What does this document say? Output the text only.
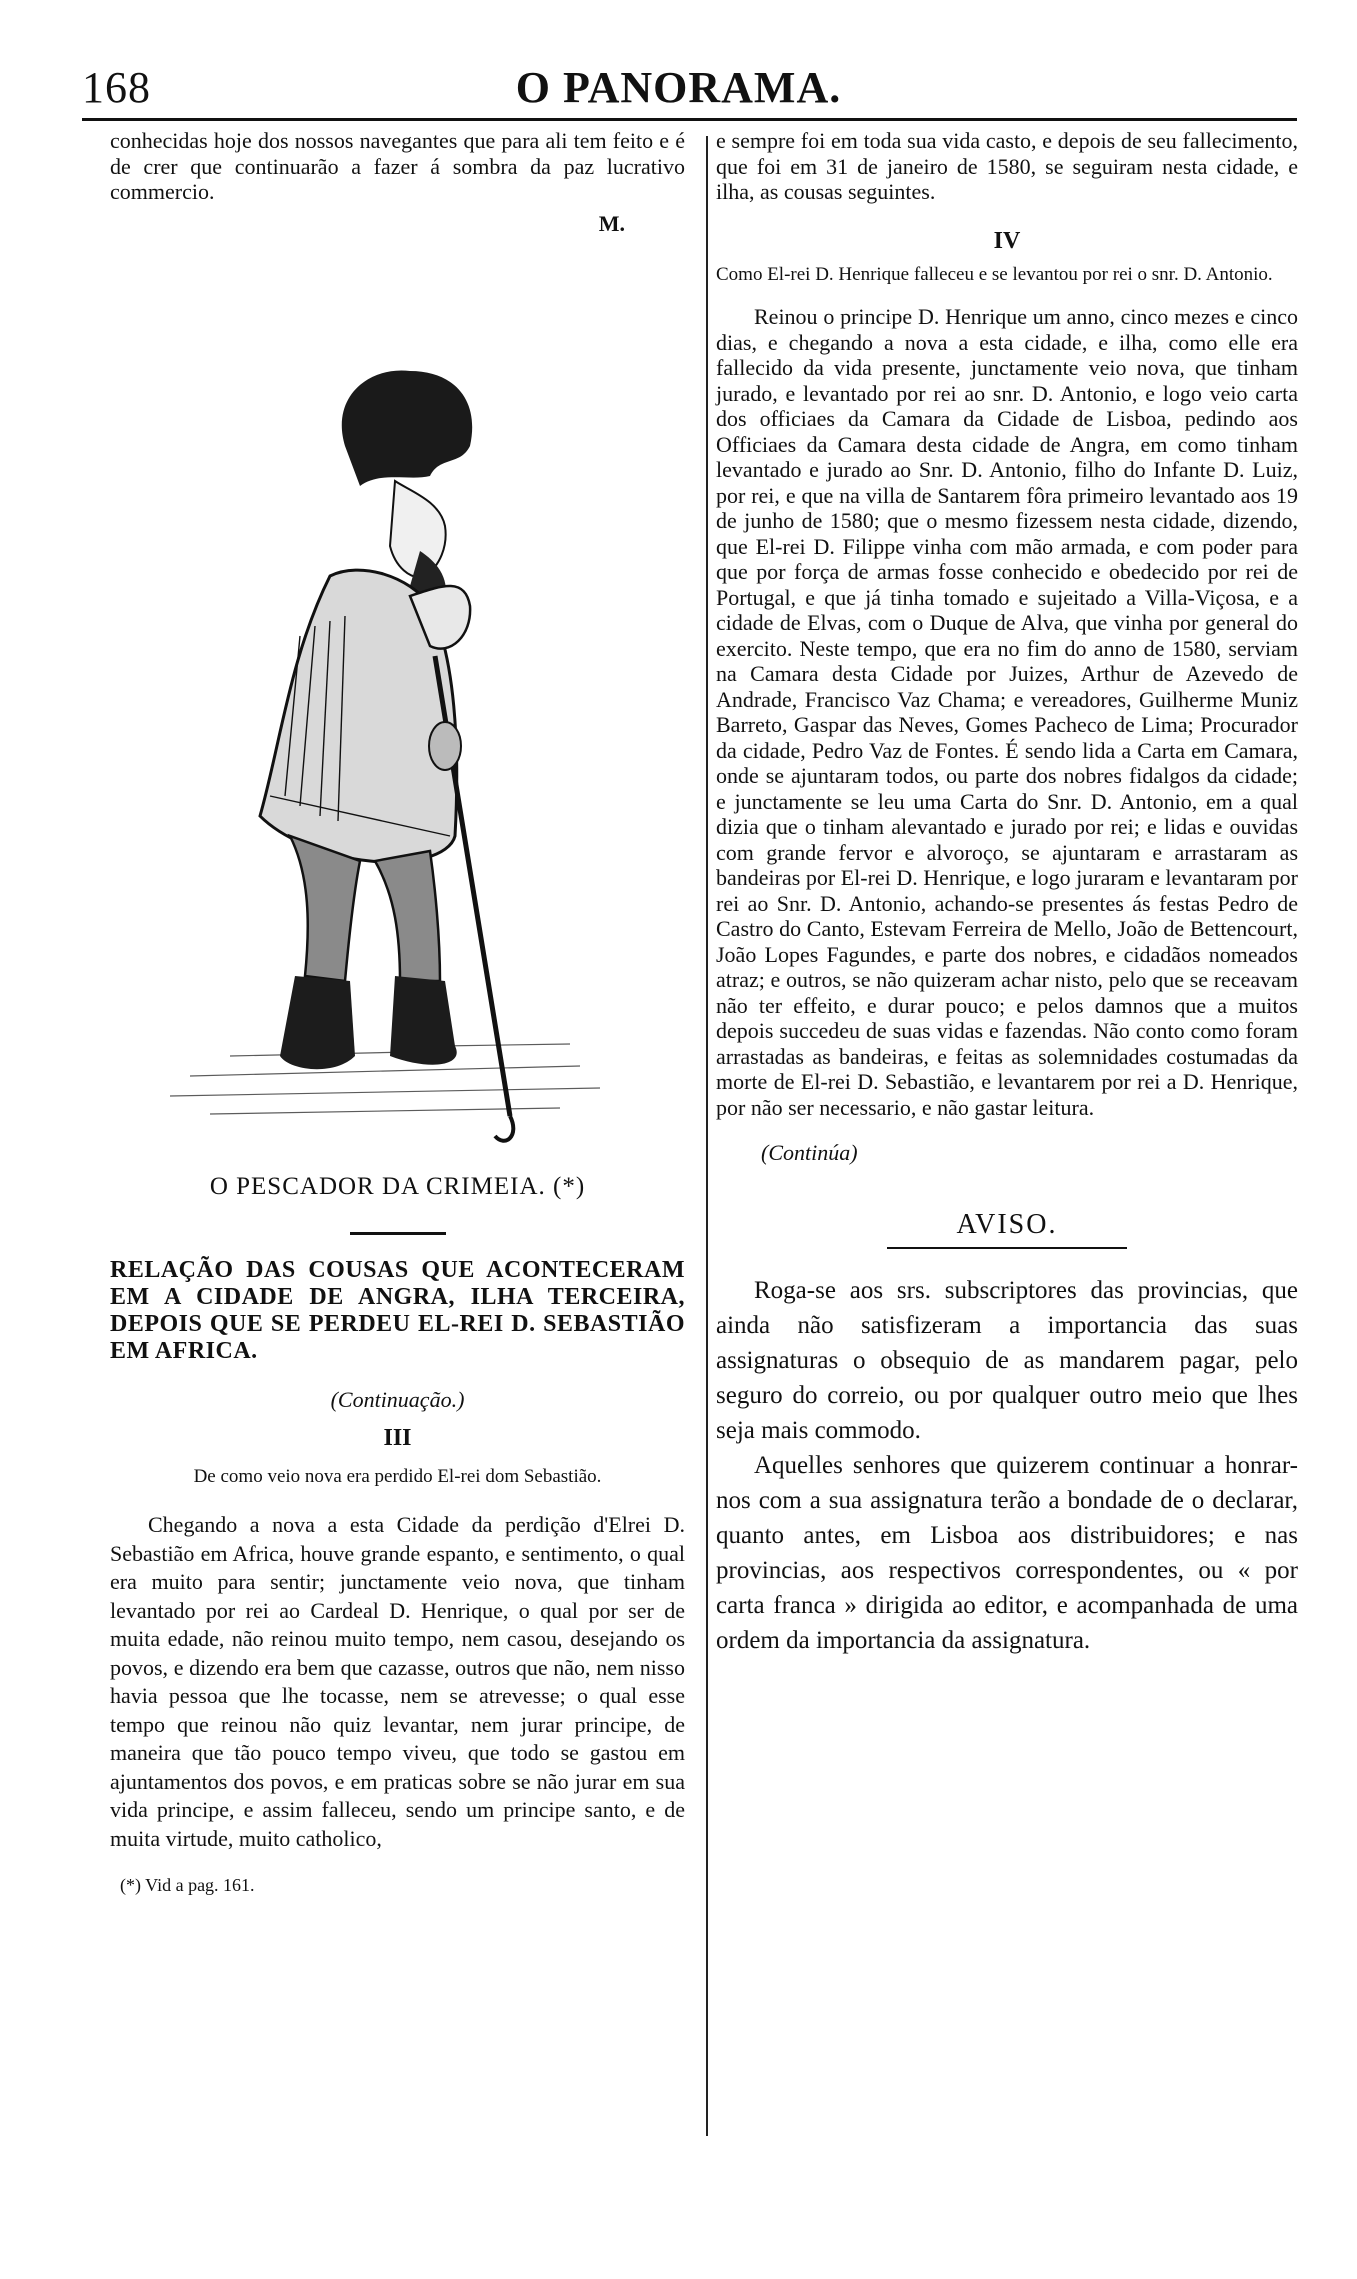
168	O PANORAMA.

conhecidas hoje dos nossos navegantes que para ali tem feito e é de crer que continuarão a fazer á sombra da paz lucrativo commercio.

M.
O PESCADOR DA CRIMEIA. (*)
RELAÇÃO DAS COUSAS QUE ACONTECERAM EM A CIDADE DE ANGRA, ILHA TERCEIRA, DEPOIS QUE SE PERDEU EL-REI D. SEBASTIÃO EM AFRICA.
(Continuação.)
III
De como veio nova era perdido El-rei dom Sebastião.

Chegando a nova a esta Cidade da perdição d'Elrei D. Sebastião em Africa, houve grande espanto, e sentimento, o qual era muito para sentir; junctamente veio nova, que tinham levantado por rei ao Cardeal D. Henrique, o qual por ser de muita edade, não reinou muito tempo, nem casou, desejando os povos, e dizendo era bem que cazasse, outros que não, nem nisso havia pessoa que lhe tocasse, nem se atrevesse; o qual esse tempo que reinou não quiz levantar, nem jurar principe, de maneira que tão pouco tempo viveu, que todo se gastou em ajuntamentos dos povos, e em praticas sobre se não jurar em sua vida principe, e assim falleceu, sendo um principe santo, e de muita virtude, muito catholico,

(*) Vid a pag. 161.

e sempre foi em toda sua vida casto, e depois de seu fallecimento, que foi em 31 de janeiro de 1580, se seguiram nesta cidade, e ilha, as cousas seguintes.

IV
Como El-rei D. Henrique falleceu e se levantou por rei o snr. D. Antonio.

Reinou o principe D. Henrique um anno, cinco mezes e cinco dias, e chegando a nova a esta cidade, e ilha, como elle era fallecido da vida presente, junctamente veio nova, que tinham jurado, e levantado por rei ao snr. D. Antonio, e logo veio carta dos officiaes da Camara da Cidade de Lisboa, pedindo aos Officiaes da Camara desta cidade de Angra, em como tinham levantado e jurado ao Snr. D. Antonio, filho do Infante D. Luiz, por rei, e que na villa de Santarem fôra primeiro levantado aos 19 de junho de 1580; que o mesmo fizessem nesta cidade, dizendo, que El-rei D. Filippe vinha com mão armada, e com poder para que por força de armas fosse conhecido e obedecido por rei de Portugal, e que já tinha tomado e sujeitado a Villa-Viçosa, e a cidade de Elvas, com o Duque de Alva, que vinha por general do exercito. Neste tempo, que era no fim do anno de 1580, serviam na Camara desta Cidade por Juizes, Arthur de Azevedo de Andrade, Francisco Vaz Chama; e vereadores, Guilherme Muniz Barreto, Gaspar das Neves, Gomes Pacheco de Lima; Procurador da cidade, Pedro Vaz de Fontes. É sendo lida a Carta em Camara, onde se ajuntaram todos, ou parte dos nobres fidalgos da cidade; e junctamente se leu uma Carta do Snr. D. Antonio, em a qual dizia que o tinham alevantado e jurado por rei; e lidas e ouvidas com grande fervor e alvoroço, se ajuntaram e arrastaram as bandeiras por El-rei D. Henrique, e logo juraram e levantaram por rei ao Snr. D. Antonio, achando-se presentes ás festas Pedro de Castro do Canto, Estevam Ferreira de Mello, João de Bettencourt, João Lopes Fagundes, e parte dos nobres, e cidadãos nomeados atraz; e outros, se não quizeram achar nisto, pelo que se receavam não ter effeito, e durar pouco; e pelos damnos que a muitos depois succedeu de suas vidas e fazendas. Não conto como foram arrastadas as bandeiras, e feitas as solemnidades costumadas da morte de El-rei D. Sebastião, e levantarem por rei a D. Henrique, por não ser necessario, e não gastar leitura.

(Continúa)
AVISO.

Roga-se aos srs. subscriptores das provincias, que ainda não satisfizeram a importancia das suas assignaturas o obsequio de as mandarem pagar, pelo seguro do correio, ou por qualquer outro meio que lhes seja mais commodo.

Aquelles senhores que quizerem continuar a honrar-nos com a sua assignatura terão a bondade de o declarar, quanto antes, em Lisboa aos distribuidores; e nas provincias, aos respectivos correspondentes, ou « por carta franca » dirigida ao editor, e acompanhada de uma ordem da importancia da assignatura.
